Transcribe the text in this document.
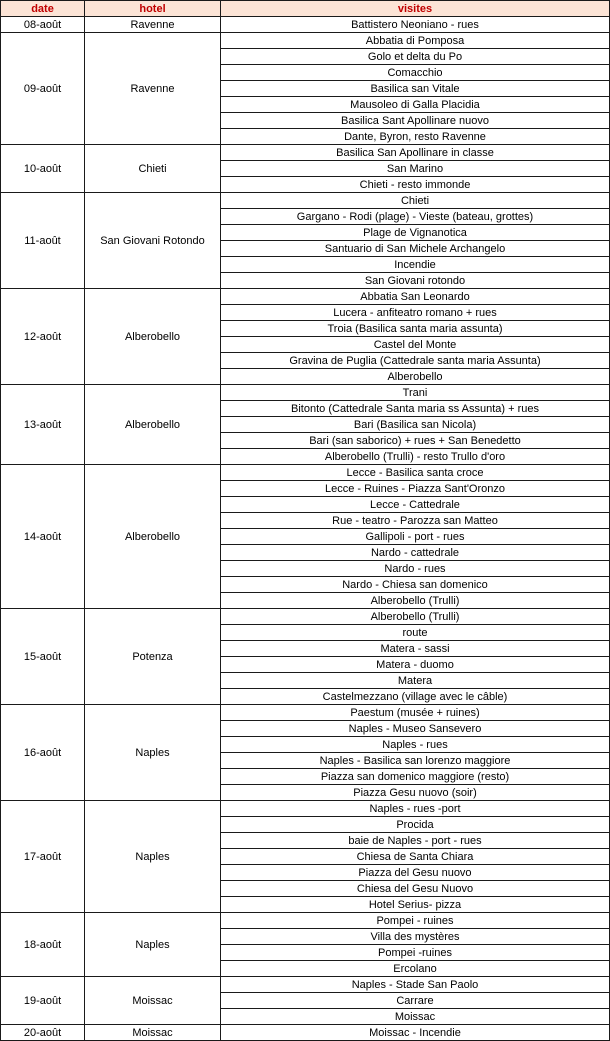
date	hotel	visites
08-août	Ravenne	Battistero Neoniano - rues
09-août	Ravenne	Abbatia di Pomposa
		Golo et delta du Po
		Comacchio
		Basilica san Vitale
		Mausoleo di Galla Placidia
		Basilica Sant Apollinare nuovo
		Dante, Byron, resto Ravenne
10-août	Chieti	Basilica San Apollinare in classe
		San Marino
		Chieti - resto immonde
11-août	San Giovani Rotondo	Chieti
		Gargano - Rodi (plage) - Vieste (bateau, grottes)
		Plage de Vignanotica
		Santuario di San Michele Archangelo
		Incendie
		San Giovani rotondo
12-août	Alberobello	Abbatia San Leonardo
		Lucera - anfiteatro romano + rues
		Troia (Basilica santa maria assunta)
		Castel del Monte
		Gravina de Puglia (Cattedrale santa maria Assunta)
		Alberobello
13-août	Alberobello	Trani
		Bitonto (Cattedrale Santa maria ss Assunta) + rues
		Bari (Basilica san Nicola)
		Bari (san saborico) + rues + San Benedetto
		Alberobello (Trulli) - resto Trullo d'oro
14-août	Alberobello	Lecce - Basilica santa croce
		Lecce - Ruines - Piazza Sant'Oronzo
		Lecce - Cattedrale
		Rue - teatro - Parozza san Matteo
		Gallipoli - port - rues
		Nardo - cattedrale
		Nardo - rues
		Nardo - Chiesa san domenico
		Alberobello (Trulli)
15-août	Potenza	Alberobello (Trulli)
		route
		Matera - sassi
		Matera - duomo
		Matera
		Castelmezzano (village avec le câble)
16-août	Naples	Paestum (musée + ruines)
		Naples - Museo Sansevero
		Naples - rues
		Naples - Basilica san lorenzo maggiore
		Piazza san domenico maggiore (resto)
		Piazza Gesu nuovo (soir)
17-août	Naples	Naples - rues -port
		Procida
		baie de Naples - port - rues
		Chiesa de Santa Chiara
		Piazza del Gesu nuovo
		Chiesa del Gesu Nuovo
		Hotel Serius- pizza
18-août	Naples	Pompei - ruines
		Villa des mystères
		Pompei -ruines
		Ercolano
19-août	Moissac	Naples - Stade San Paolo
		Carrare
		Moissac
20-août	Moissac	Moissac - Incendie
